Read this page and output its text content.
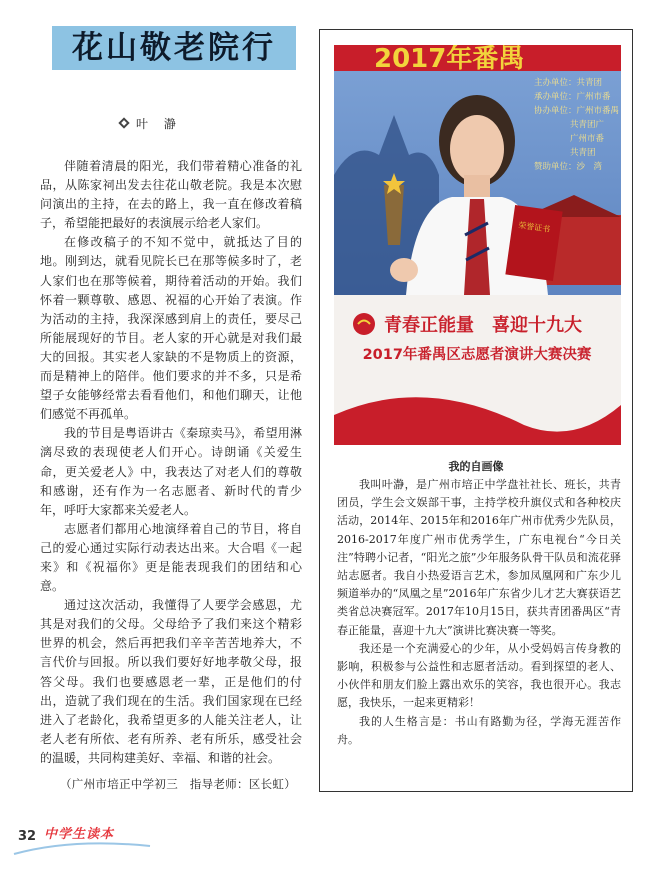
花山敬老院行
叶 瀞

伴随着清晨的阳光，我们带着精心准备的礼品，从陈家祠出发去往花山敬老院。我是本次慰问演出的主持，在去的路上，我一直在修改着稿子，希望能把最好的表演展示给老人家们。

在修改稿子的不知不觉中，就抵达了目的地。刚到达，就看见院长已在那等候多时了，老人家们也在那等候着，期待着活动的开始。我们怀着一颗尊敬、感恩、祝福的心开始了表演。作为活动的主持，我深深感到肩上的责任，要尽己所能展现好的节目。老人家的开心就是对我们最大的回报。其实老人家缺的不是物质上的资源，而是精神上的陪伴。他们要求的并不多，只是希望子女能够经常去看看他们，和他们聊天，让他们感觉不再孤单。

我的节目是粤语讲古《秦琼卖马》，希望用淋漓尽致的表现使老人们开心。诗朗诵《关爱生命，更关爱老人》中，我表达了对老人们的尊敬和感谢，还有作为一名志愿者、新时代的青少年，呼吁大家都来关爱老人。

志愿者们都用心地演绎着自己的节目，将自己的爱心通过实际行动表达出来。大合唱《一起来》和《祝福你》更是能表现我们的团结和心意。

通过这次活动，我懂得了人要学会感恩，尤其是对我们的父母。父母给予了我们来这个精彩世界的机会，然后再把我们辛辛苦苦地养大，不言代价与回报。所以我们要好好地孝敬父母，报答父母。我们也要感恩老一辈，正是他们的付出，造就了我们现在的生活。我们国家现在已经进入了老龄化，我希望更多的人能关注老人，让老人老有所依、老有所养、老有所乐，感受社会的温暖，共同构建美好、幸福、和谐的社会。

（广州市培正中学初三　指导老师：区长虹）
2017年番禺
主办单位：共青团
承办单位：广州市番
协办单位：广州市番禺
共青团广
广州市番
共青团
赞助单位：沙　湾
荣誉证书
青春正能量　喜迎十九大
2017年番禺区志愿者演讲大赛决赛
我的自画像

我叫叶瀞，是广州市培正中学盘社社长、班长，共青团员，学生会文娱部干事，主持学校升旗仪式和各种校庆活动，2014年、2015年和2016年广州市优秀少先队员，2016-2017年度广州市优秀学生，广东电视台“今日关注”特聘小记者，“阳光之旅”少年服务队骨干队员和流花驿站志愿者。我自小热爱语言艺术，参加凤凰网和广东少儿频道举办的“凤凰之星”2016年广东省少儿才艺大赛获语艺类省总决赛冠军。2017年10月15日，获共青团番禺区“青春正能量，喜迎十九大”演讲比赛决赛一等奖。

我还是一个充满爱心的少年，从小受妈妈言传身教的影响，积极参与公益性和志愿者活动。看到探望的老人、小伙伴和朋友们脸上露出欢乐的笑容，我也很开心。我志愿，我快乐，一起来更精彩！

我的人生格言是：书山有路勤为径，学海无涯苦作舟。

32 中学生读本
